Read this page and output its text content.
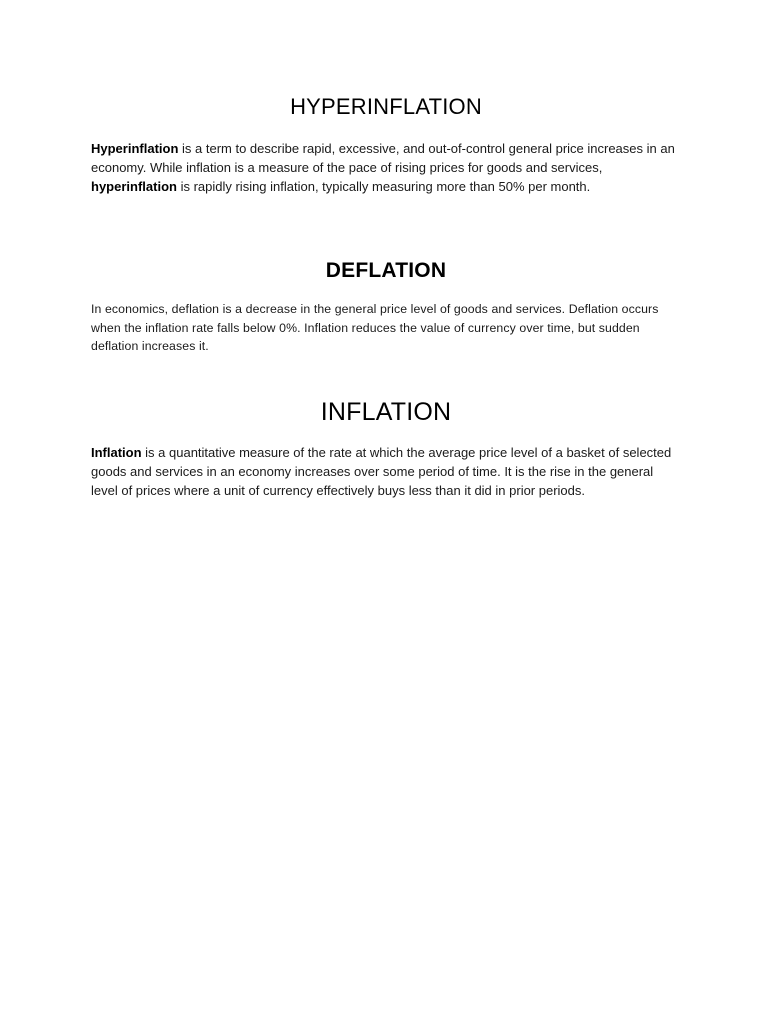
HYPERINFLATION

Hyperinflation is a term to describe rapid, excessive, and out-of-control general price increases in an economy. While inflation is a measure of the pace of rising prices for goods and services, hyperinflation is rapidly rising inflation, typically measuring more than 50% per month.

DEFLATION

In economics, deflation is a decrease in the general price level of goods and services. Deflation occurs when the inflation rate falls below 0%. Inflation reduces the value of currency over time, but sudden deflation increases it.

INFLATION

Inflation is a quantitative measure of the rate at which the average price level of a basket of selected goods and services in an economy increases over some period of time. It is the rise in the general level of prices where a unit of currency effectively buys less than it did in prior periods.
